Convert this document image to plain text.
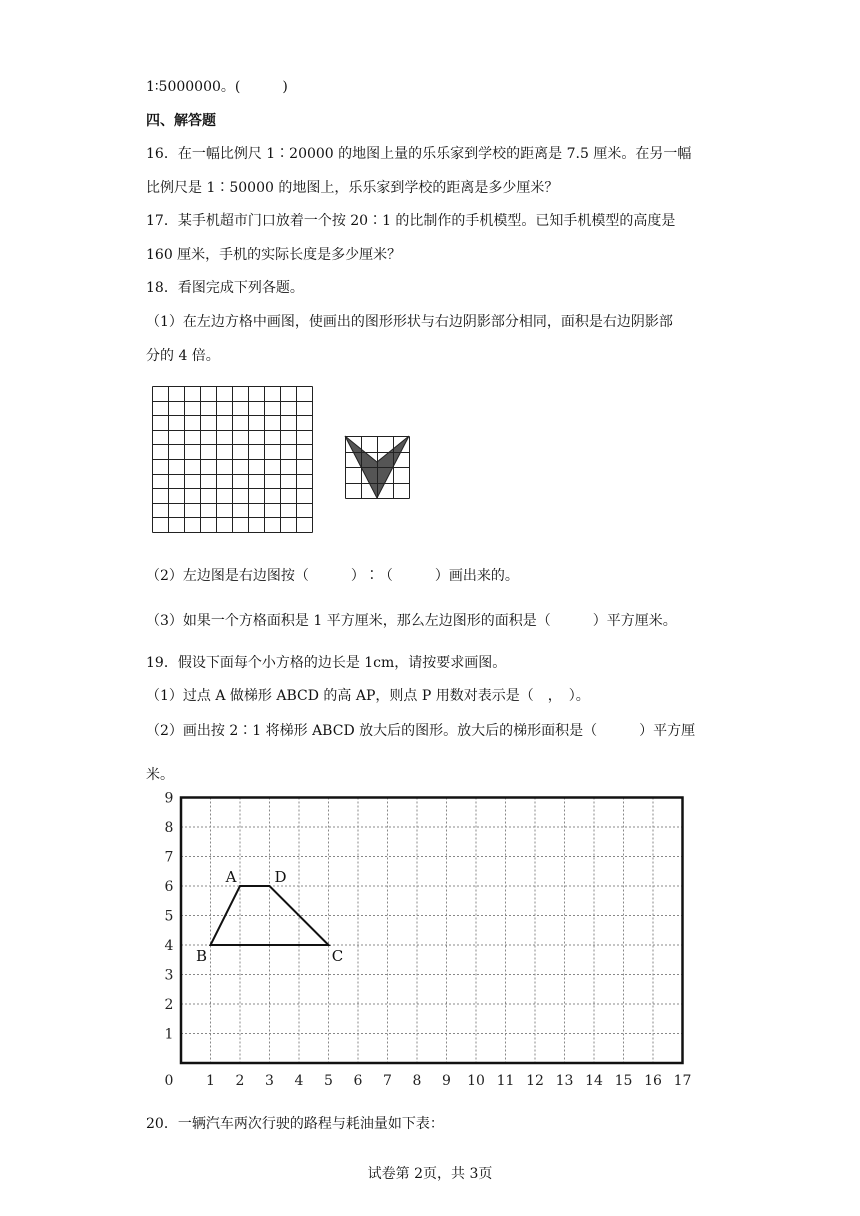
1∶5000000。(　　　)
四、解答题
16．在一幅比例尺 1∶20000 的地图上量的乐乐家到学校的距离是 7.5 厘米。在另一幅
比例尺是 1∶50000 的地图上，乐乐家到学校的距离是多少厘米？
17．某手机超市门口放着一个按 20∶1 的比制作的手机模型。已知手机模型的高度是
160 厘米，手机的实际长度是多少厘米？
18．看图完成下列各题。
（1）在左边方格中画图，使画出的图形形状与右边阴影部分相同，面积是右边阴影部
分的 4 倍。
（2）左边图是右边图按（　　　）∶（　　　）画出来的。
（3）如果一个方格面积是 1 平方厘米，那么左边图形的面积是（　　　）平方厘米。
19．假设下面每个小方格的边长是 1cm，请按要求画图。
（1）过点 A 做梯形 ABCD 的高 AP，则点 P 用数对表示是（　，　）。
（2）画出按 2∶1 将梯形 ABCD 放大后的图形。放大后的梯形面积是（　　　）平方厘
米。
0 1 2 3 4 5 6 7 8 9 10 11 12 13 14 15 16 17
1
2
3
4
5
6
7
8
9
A	D
B	C
20．一辆汽车两次行驶的路程与耗油量如下表：
试卷第 2页，共 3页
